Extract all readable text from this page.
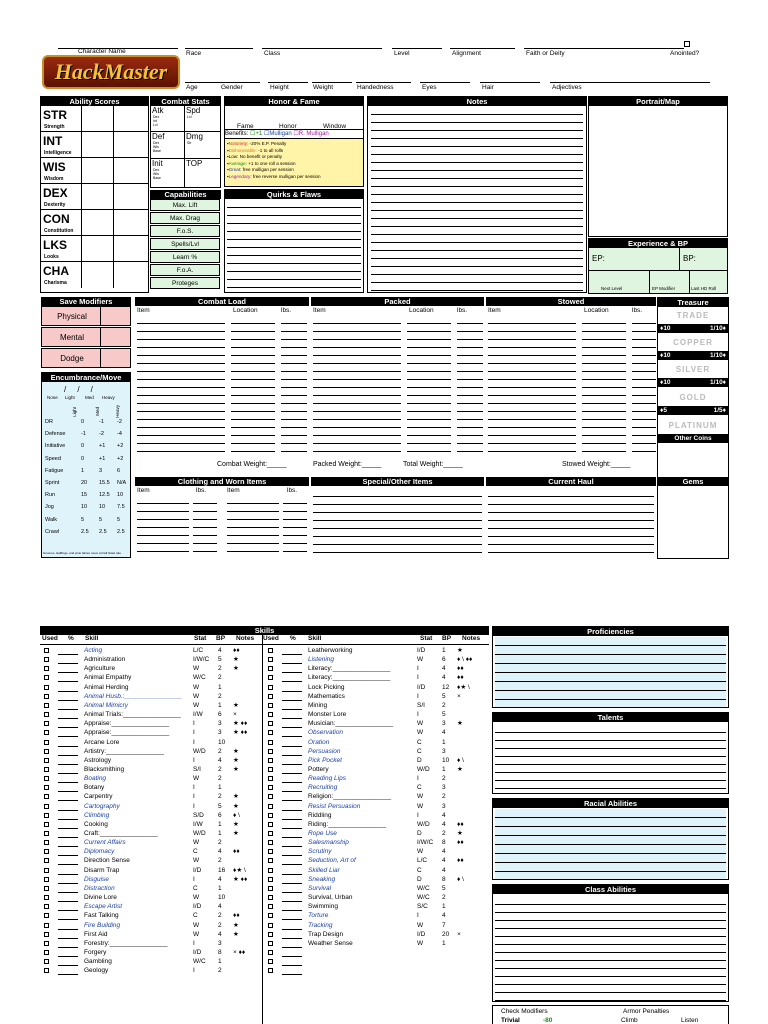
HackMaster
Character Name	Race	Class	Level	Alignment	Faith or Deity	Anointed?
Age	Gender	Height	Weight	Handedness	Eyes	Hair	Adjectives
Ability Scores
STR
Strength
INT
Intelligence
WIS
Wisdom
DEX
Dexterity
CON
Constitution
LKS
Looks
CHA
Charisma
Combat Stats
Atk
Dex
Int
Lvl
Spd
Lvl
Def
Dex
Wis
Base
Dmg
Str
Init
Dex
Wis
Base
TOP
Capabilities
Max. Lift
Max. Drag
F.o.S.
Spells/Lvl
Learn %
F.o.A.
Proteges
Honor & Fame
Fame	Honor	Window
Benefits: ☐+1 ☐Mulligan ☐R. Mulligan
▪Notoriety: -20% E.P. Penalty
▪Dishonorable: -1 to all rolls
▪Low: No benefit or penalty
▪Average: +1 to one roll a session
▪Great: free mulligan per session
▪Legendary: free reverse mulligan per session
Quirks & Flaws
Notes	Portrait/Map
Experience & BP
EP:	BP:
Next Level	EP Modifier	Last HD Roll
Save Modifiers
Physical
Mental
Dodge
Encumbrance/Move
/     /     /
None Light Med Heavy
Light	Med	Heavy
DR	0	-1 -2
Defense	-1 -2 -4
Initiative	0	+1 +2
Speed	0	+1 +2
Fatigue	1	3	6
Sprint	20 15.5 N/A
Run	15 12.5 10
Jog	10 10 7.5
Walk	5	5	5
Crawl	2.5 2.5 2.5
Gnomes, Halflings, and pixie fairies move at half listed rate
Combat Load
Item	Location	lbs.
Combat Weight:_____
Packed
Item	Location	lbs.
Packed Weight:_____	Total Weight:_____
Stowed
Item	Location	lbs.
Stowed Weight:_____
Treasure
TRADE
♦10	1/10♦
COPPER
♦10	1/10♦
SILVER
♦10	1/10♦
GOLD
♦5	1/5♦
PLATINUM
Other Coins
Gems
Clothing and Worn Items
Item	lbs.	Item	lbs.
Special/Other Items	Current Haul
Skills
Used % Skill	Stat BP Notes Used % Skill	Stat BP Notes
Acting	L/C 4 ♦♦
Administration	I/W/C 5 ★
Agriculture	W	2 ★
Animal Empathy	W/C 2
Animal Herding	W	1
Animal Husb.:________________ W	2
Animal Mimicry	W	1 ★
Animal Trials:________________ I/W 6 ×
Appraise:________________	I	3 ★ ♦♦
Appraise:________________	I	3 ★ ♦♦
Arcane Lore	I	10
Artistry:________________	W/D 2 ★
Astrology	I	4 ★
Blacksmithing	S/I	2 ★
Boating	W	2
Botany	I	1
Carpentry	I	2 ★
Cartography	I	5 ★
Climbing	S/D 6 ♦ \
Cooking	I/W 1 ★
Craft:________________	W/D 1 ★
Current Affairs	W	2
Diplomacy	C	4 ♦♦
Direction Sense	W	2
Disarm Trap	I/D	16 ♦★ \
Disguise	I	4 ★ ♦♦
Distraction	C	1
Divine Lore	W	10
Escape Artist	I/D	4
Fast Talking	C	2 ♦♦
Fire Building	W	2 ★
First Aid	W	4 ★
Forestry:________________	I	3
Forgery	I/D	8 × ♦♦
Gambling	W/C 1
Geology	I	2
Leatherworking	I/D	1 ★
Listening	W	6 ♦ \ ♦♦
Literacy:________________	I	4 ♦♦
Literacy:________________	I	4 ♦♦
Lock Picking	I/D	12 ♦★ \
Mathematics	I	5 ×
Mining	S/I	2
Monster Lore	I	5
Musician:________________	W	3 ★
Observation	W	4
Oration	C	1
Persuasion	C	3
Pick Pocket	D	10 ♦ \
Pottery	W/D 1 ★
Reading Lips	I	2
Recruiting	C	3
Religion:________________	W	2
Resist Persuasion	W	3
Riddling	I	4
Riding:________________	W/D 4 ♦♦
Rope Use	D	2 ★
Salesmanship	I/W/C 8 ♦♦
Scrutiny	W	4
Seduction, Art of	L/C 4 ♦♦
Skilled Liar	C	4
Sneaking	D	8 ♦ \
Survival	W/C 5
Survival, Urban	W/C 2
Swimming	S/C 1
Torture	I	4
Tracking	W	7
Trap Design	I/D	20 ×
Weather Sense	W	1
Proficiencies
Talents
Racial Abilities
Class Abilities
Check Modifiers	Armor Penalties
Trivial	-80	Climb	Listen
